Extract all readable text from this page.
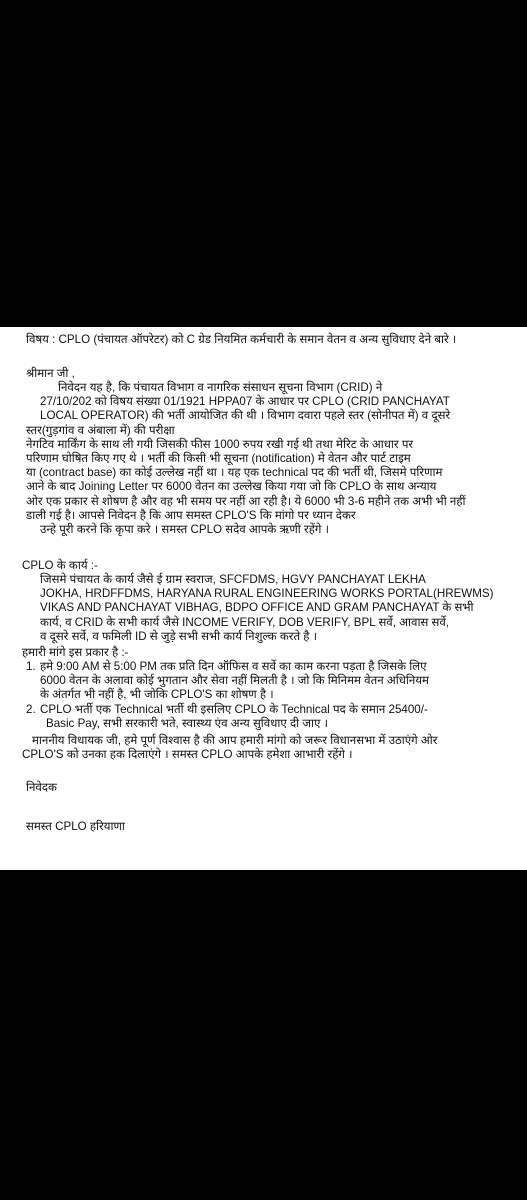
विषय : CPLO (पंचायत ऑपरेटर) को C ग्रेड नियमित कर्मचारी के समान वेतन व अन्य सुविधाए देने बारे ।

श्रीमान जी ,

निवेदन यह है, कि पंचायत विभाग व नागरिक संसाधन सूचना विभाग (CRID) ने

27/10/202 को विषय संख्या 01/1921 HPPA07 के आधार पर CPLO (CRID PANCHAYAT

LOCAL OPERATOR) की भर्ती आयोजित की थी । विभाग दवारा पहले स्तर (सोनीपत में) व दूसरे

स्तर(गुड़गांव व अंबाला में) की परीक्षा

नेगटिव मार्किंग के साथ ली गयी जिसकी फीस 1000 रुपय रखी गई थी तथा मेरिट के आधार पर

परिणाम घोषित किए गए थे । भर्ती की किसी भी सूचना (notification) मे वेतन और पार्ट टाइम

या (contract base) का कोई उल्लेख नहीं था । यह एक technical पद की भर्ती थी, जिसमे परिणाम

आने के बाद Joining Letter पर 6000 वेतन का उल्लेख किया गया जो कि CPLO के साथ अन्याय

ओर एक प्रकार से शोषण है और वह भी समय पर नहीं आ रही है। ये 6000 भी 3-6 महीने तक अभी भी नहीं

डाली गई है। आपसे निवेदन है कि आप समस्त CPLO'S कि मांगो पर ध्यान देकर

उन्हे पूरी करने कि कृपा करे । समस्त CPLO सदेव आपके ऋणी रहेंगे ।

CPLO के कार्य :-

जिसमे पंचायत के कार्य जैसे ई ग्राम स्वराज, SFCFDMS, HGVY PANCHAYAT LEKHA

JOKHA, HRDFFDMS, HARYANA RURAL ENGINEERING WORKS PORTAL(HREWMS)

VIKAS AND PANCHAYAT VIBHAG, BDPO OFFICE AND GRAM PANCHAYAT के सभी

कार्य, व CRID के सभी कार्य जैसे INCOME VERIFY, DOB VERIFY, BPL सर्वे, आवास सर्वे,

व दूसरे सर्वे, व फमिली ID से जुड़े सभी सभी कार्य निशुल्क करते है ।

हमारी मांगे इस प्रकार है :-

1. हमे 9:00 AM से 5:00 PM तक प्रति दिन ऑफिस व सर्वे का काम करना पड़ता है जिसके लिए

6000 वेतन के अलावा कोई भुगतान और सेवा नहीं मिलती है । जो कि मिनिमम वेतन अधिनियम

के अंतर्गत भी नहीं है, भी जोकि CPLO'S का शोषण है ।

2. CPLO भर्ती एक Technical भर्ती थी इसलिए CPLO के Technical पद के समान 25400/-

Basic Pay, सभी सरकारी भते, स्वास्थ्य एंव अन्य सुविधाए दी जाए ।

माननीय विधायक जी, हमे पूर्ण विश्वास है की आप हमारी मांगो को जरूर विधानसभा में उठाएंगे ओर

CPLO'S को उनका हक दिलाएंगे । समस्त CPLO आपके हमेशा आभारी रहेंगे ।

निवेदक

समस्त CPLO हरियाणा
